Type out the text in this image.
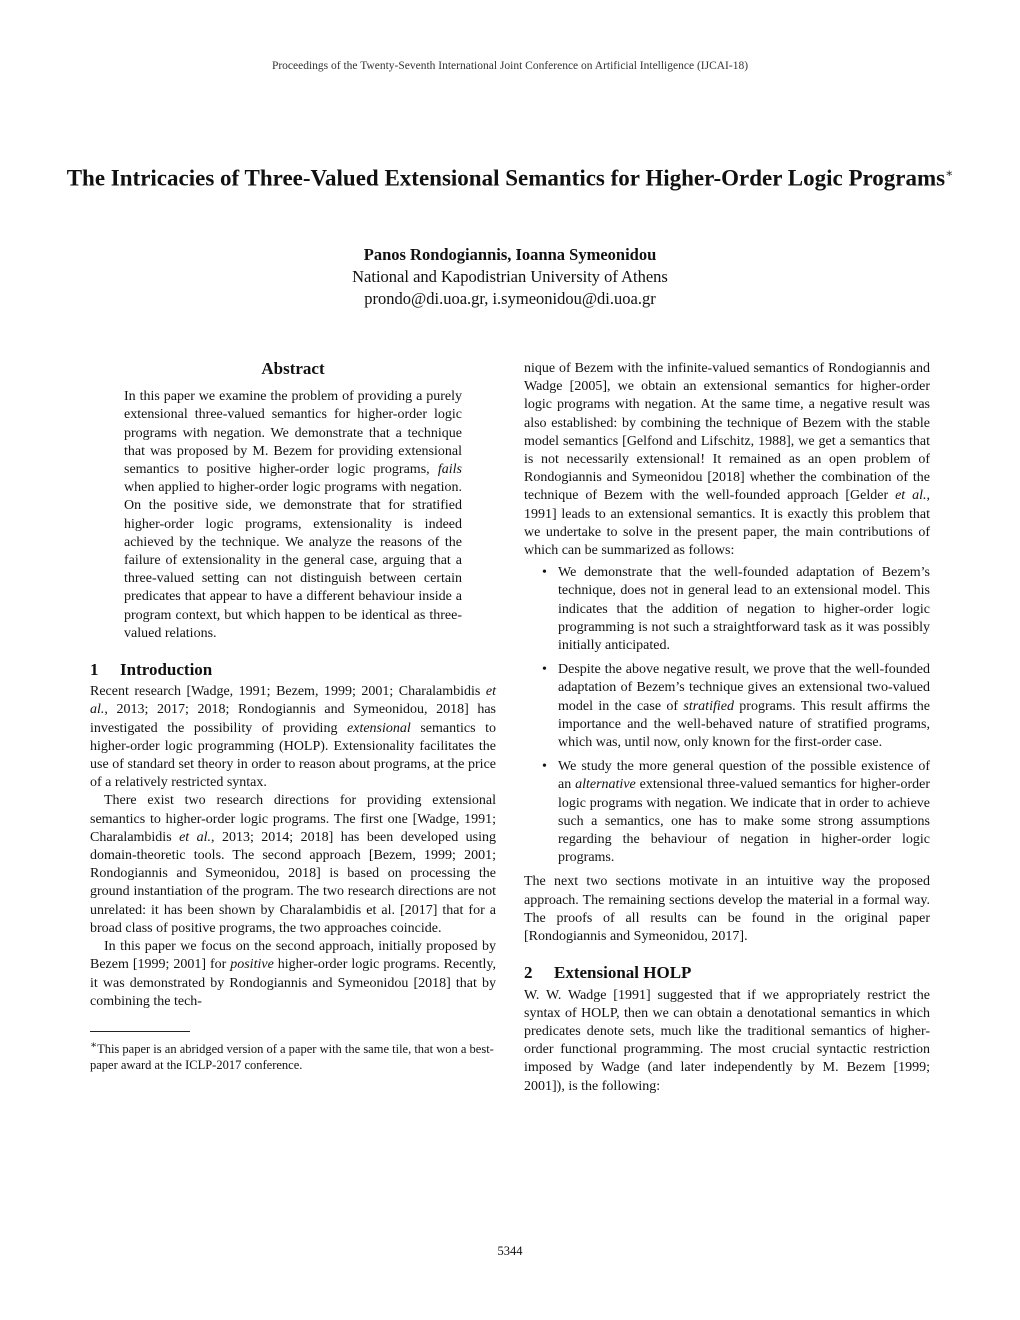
Proceedings of the Twenty-Seventh International Joint Conference on Artificial Intelligence (IJCAI-18)
The Intricacies of Three-Valued Extensional Semantics for Higher-Order Logic Programs∗
Panos Rondogiannis, Ioanna Symeonidou
National and Kapodistrian University of Athens
prondo@di.uoa.gr, i.symeonidou@di.uoa.gr
Abstract

In this paper we examine the problem of providing a purely extensional three-valued semantics for higher-order logic programs with negation. We demonstrate that a technique that was proposed by M. Bezem for providing extensional semantics to positive higher-order logic programs, fails when applied to higher-order logic programs with negation. On the positive side, we demonstrate that for stratified higher-order logic programs, extensionality is indeed achieved by the technique. We analyze the reasons of the failure of extensionality in the general case, arguing that a three-valued setting can not distinguish between certain predicates that appear to have a different behaviour inside a program context, but which happen to be identical as three-valued relations.

1 Introduction

Recent research [Wadge, 1991; Bezem, 1999; 2001; Charalambidis et al., 2013; 2017; 2018; Rondogiannis and Symeonidou, 2018] has investigated the possibility of providing extensional semantics to higher-order logic programming (HOLP). Extensionality facilitates the use of standard set theory in order to reason about programs, at the price of a relatively restricted syntax.

There exist two research directions for providing extensional semantics to higher-order logic programs. The first one [Wadge, 1991; Charalambidis et al., 2013; 2014; 2018] has been developed using domain-theoretic tools. The second approach [Bezem, 1999; 2001; Rondogiannis and Symeonidou, 2018] is based on processing the ground instantiation of the program. The two research directions are not unrelated: it has been shown by Charalambidis et al. [2017] that for a broad class of positive programs, the two approaches coincide.

In this paper we focus on the second approach, initially proposed by Bezem [1999; 2001] for positive higher-order logic programs. Recently, it was demonstrated by Rondogiannis and Symeonidou [2018] that by combining the tech-

∗This paper is an abridged version of a paper with the same tile, that won a best-paper award at the ICLP-2017 conference.

nique of Bezem with the infinite-valued semantics of Rondogiannis and Wadge [2005], we obtain an extensional semantics for higher-order logic programs with negation. At the same time, a negative result was also established: by combining the technique of Bezem with the stable model semantics [Gelfond and Lifschitz, 1988], we get a semantics that is not necessarily extensional! It remained as an open problem of Rondogiannis and Symeonidou [2018] whether the combination of the technique of Bezem with the well-founded approach [Gelder et al., 1991] leads to an extensional semantics. It is exactly this problem that we undertake to solve in the present paper, the main contributions of which can be summarized as follows:

• We demonstrate that the well-founded adaptation of Bezem’s technique, does not in general lead to an extensional model. This indicates that the addition of negation to higher-order logic programming is not such a straightforward task as it was possibly initially anticipated.
• Despite the above negative result, we prove that the well-founded adaptation of Bezem’s technique gives an extensional two-valued model in the case of stratified programs. This result affirms the importance and the well-behaved nature of stratified programs, which was, until now, only known for the first-order case.
• We study the more general question of the possible existence of an alternative extensional three-valued semantics for higher-order logic programs with negation. We indicate that in order to achieve such a semantics, one has to make some strong assumptions regarding the behaviour of negation in higher-order logic programs.

The next two sections motivate in an intuitive way the proposed approach. The remaining sections develop the material in a formal way. The proofs of all results can be found in the original paper [Rondogiannis and Symeonidou, 2017].

2 Extensional HOLP

W. W. Wadge [1991] suggested that if we appropriately restrict the syntax of HOLP, then we can obtain a denotational semantics in which predicates denote sets, much like the traditional semantics of higher-order functional programming. The most crucial syntactic restriction imposed by Wadge (and later independently by M. Bezem [1999; 2001]), is the following:

5344
